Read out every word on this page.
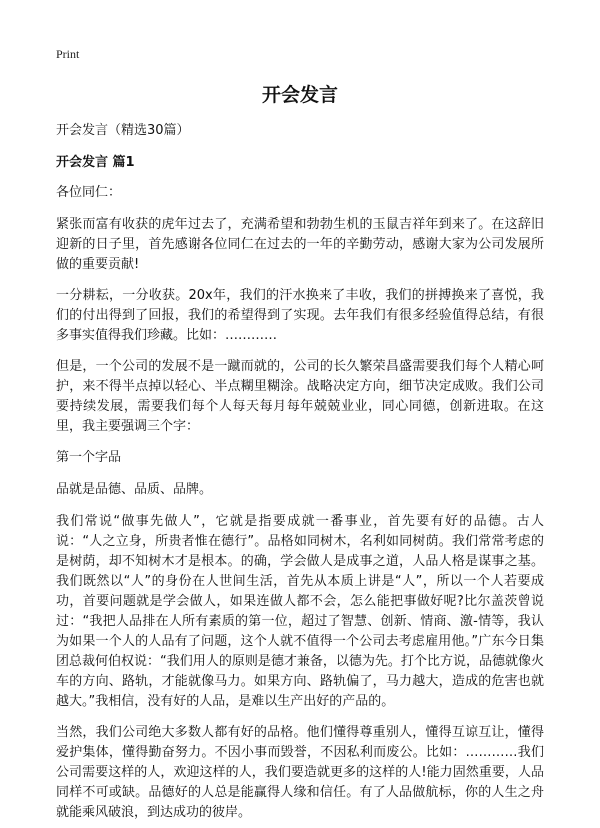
Print
开会发言
开会发言（精选30篇）
开会发言 篇1

各位同仁：

紧张而富有收获的虎年过去了，充满希望和勃勃生机的玉鼠吉祥年到来了。在这辞旧迎新的日子里，首先感谢各位同仁在过去的一年的辛勤劳动，感谢大家为公司发展所做的重要贡献!

一分耕耘，一分收获。20x年，我们的汗水换来了丰收，我们的拼搏换来了喜悦，我们的付出得到了回报，我们的希望得到了实现。去年我们有很多经验值得总结，有很多事实值得我们珍藏。比如：…………

但是，一个公司的发展不是一蹴而就的，公司的长久繁荣昌盛需要我们每个人精心呵护，来不得半点掉以轻心、半点糊里糊涂。战略决定方向，细节决定成败。我们公司要持续发展，需要我们每个人每天每月每年兢兢业业，同心同德，创新进取。在这里，我主要强调三个字：

第一个字品

品就是品德、品质、品牌。

我们常说“做事先做人”，它就是指要成就一番事业，首先要有好的品德。古人说：“人之立身，所贵者惟在德行”。品格如同树木，名利如同树荫。我们常常考虑的是树荫，却不知树木才是根本。的确，学会做人是成事之道，人品人格是谋事之基。我们既然以“人”的身份在人世间生活，首先从本质上讲是“人”，所以一个人若要成功，首要问题就是学会做人，如果连做人都不会，怎么能把事做好呢?比尔盖茨曾说过：“我把人品排在人所有素质的第一位，超过了智慧、创新、情商、激-情等，我认为如果一个人的人品有了问题，这个人就不值得一个公司去考虑雇用他。”广东今日集团总裁何伯权说：“我们用人的原则是德才兼备，以德为先。打个比方说，品德就像火车的方向、路轨，才能就像马力。如果方向、路轨偏了，马力越大，造成的危害也就越大。”我相信，没有好的人品，是难以生产出好的产品的。

当然，我们公司绝大多数人都有好的品格。他们懂得尊重别人，懂得互谅互让，懂得爱护集体，懂得勤奋努力。不因小事而毁誉，不因私利而废公。比如：…………我们公司需要这样的人，欢迎这样的人，我们要造就更多的这样的人!能力固然重要，人品同样不可或缺。品德好的人总是能赢得人缘和信任。有了人品做航标，你的人生之舟就能乘风破浪，到达成功的彼岸。
